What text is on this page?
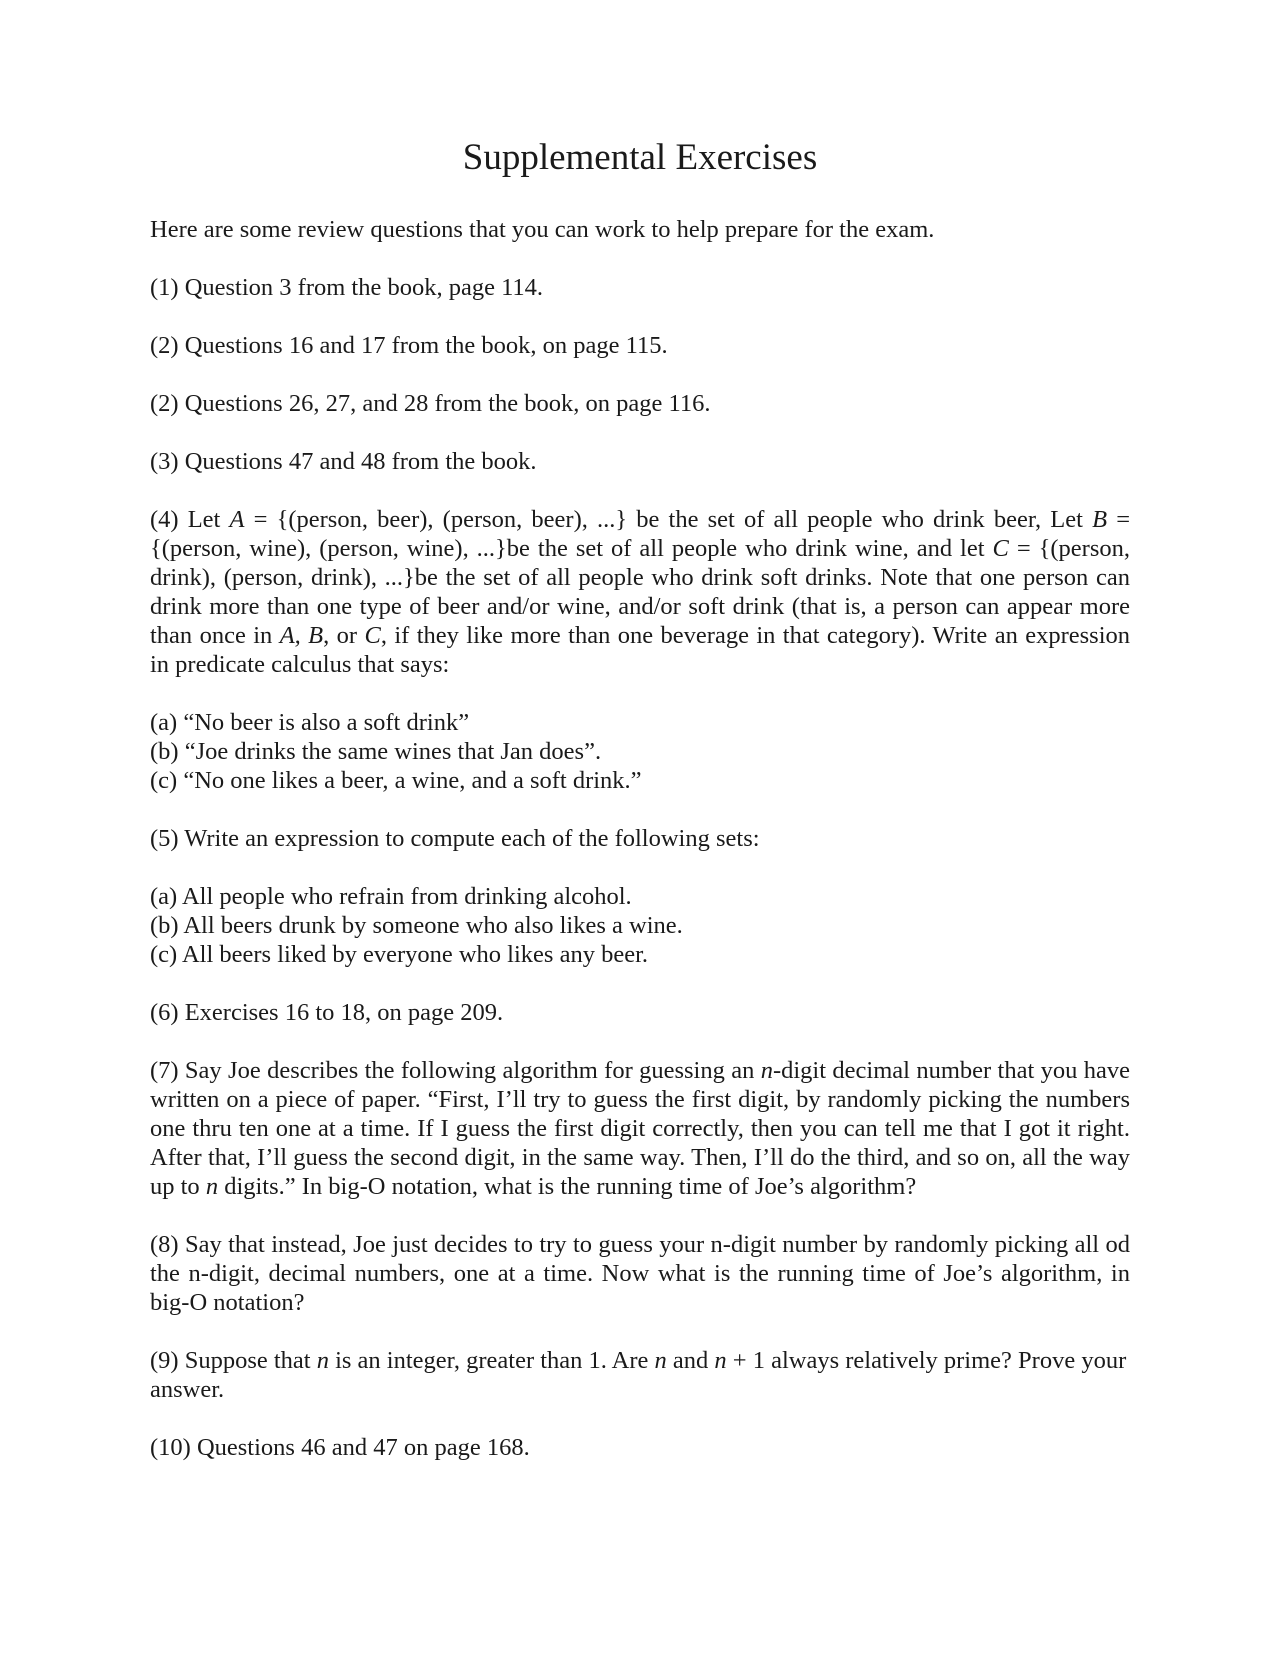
Supplemental Exercises

Here are some review questions that you can work to help prepare for the exam.

(1) Question 3 from the book, page 114.

(2) Questions 16 and 17 from the book, on page 115.

(2) Questions 26, 27, and 28 from the book, on page 116.

(3) Questions 47 and 48 from the book.

(4) Let A = {(person, beer), (person, beer), ...} be the set of all people who drink beer, Let B = {(person, wine), (person, wine), ...}be the set of all people who drink wine, and let C = {(person, drink), (person, drink), ...}be the set of all people who drink soft drinks. Note that one person can drink more than one type of beer and/or wine, and/or soft drink (that is, a person can appear more than once in A, B, or C, if they like more than one beverage in that category). Write an expression in predicate calculus that says:

(a) “No beer is also a soft drink”
(b) “Joe drinks the same wines that Jan does”.
(c) “No one likes a beer, a wine, and a soft drink.”

(5) Write an expression to compute each of the following sets:

(a) All people who refrain from drinking alcohol.
(b) All beers drunk by someone who also likes a wine.
(c) All beers liked by everyone who likes any beer.

(6) Exercises 16 to 18, on page 209.

(7) Say Joe describes the following algorithm for guessing an n-digit decimal number that you have written on a piece of paper. “First, I’ll try to guess the first digit, by randomly picking the numbers one thru ten one at a time. If I guess the first digit correctly, then you can tell me that I got it right. After that, I’ll guess the second digit, in the same way. Then, I’ll do the third, and so on, all the way up to n digits.” In big-O notation, what is the running time of Joe’s algorithm?

(8) Say that instead, Joe just decides to try to guess your n-digit number by randomly picking all od the n-digit, decimal numbers, one at a time. Now what is the running time of Joe’s algorithm, in big-O notation?

(9) Suppose that n is an integer, greater than 1. Are n and n + 1 always relatively prime? Prove your answer.

(10) Questions 46 and 47 on page 168.
